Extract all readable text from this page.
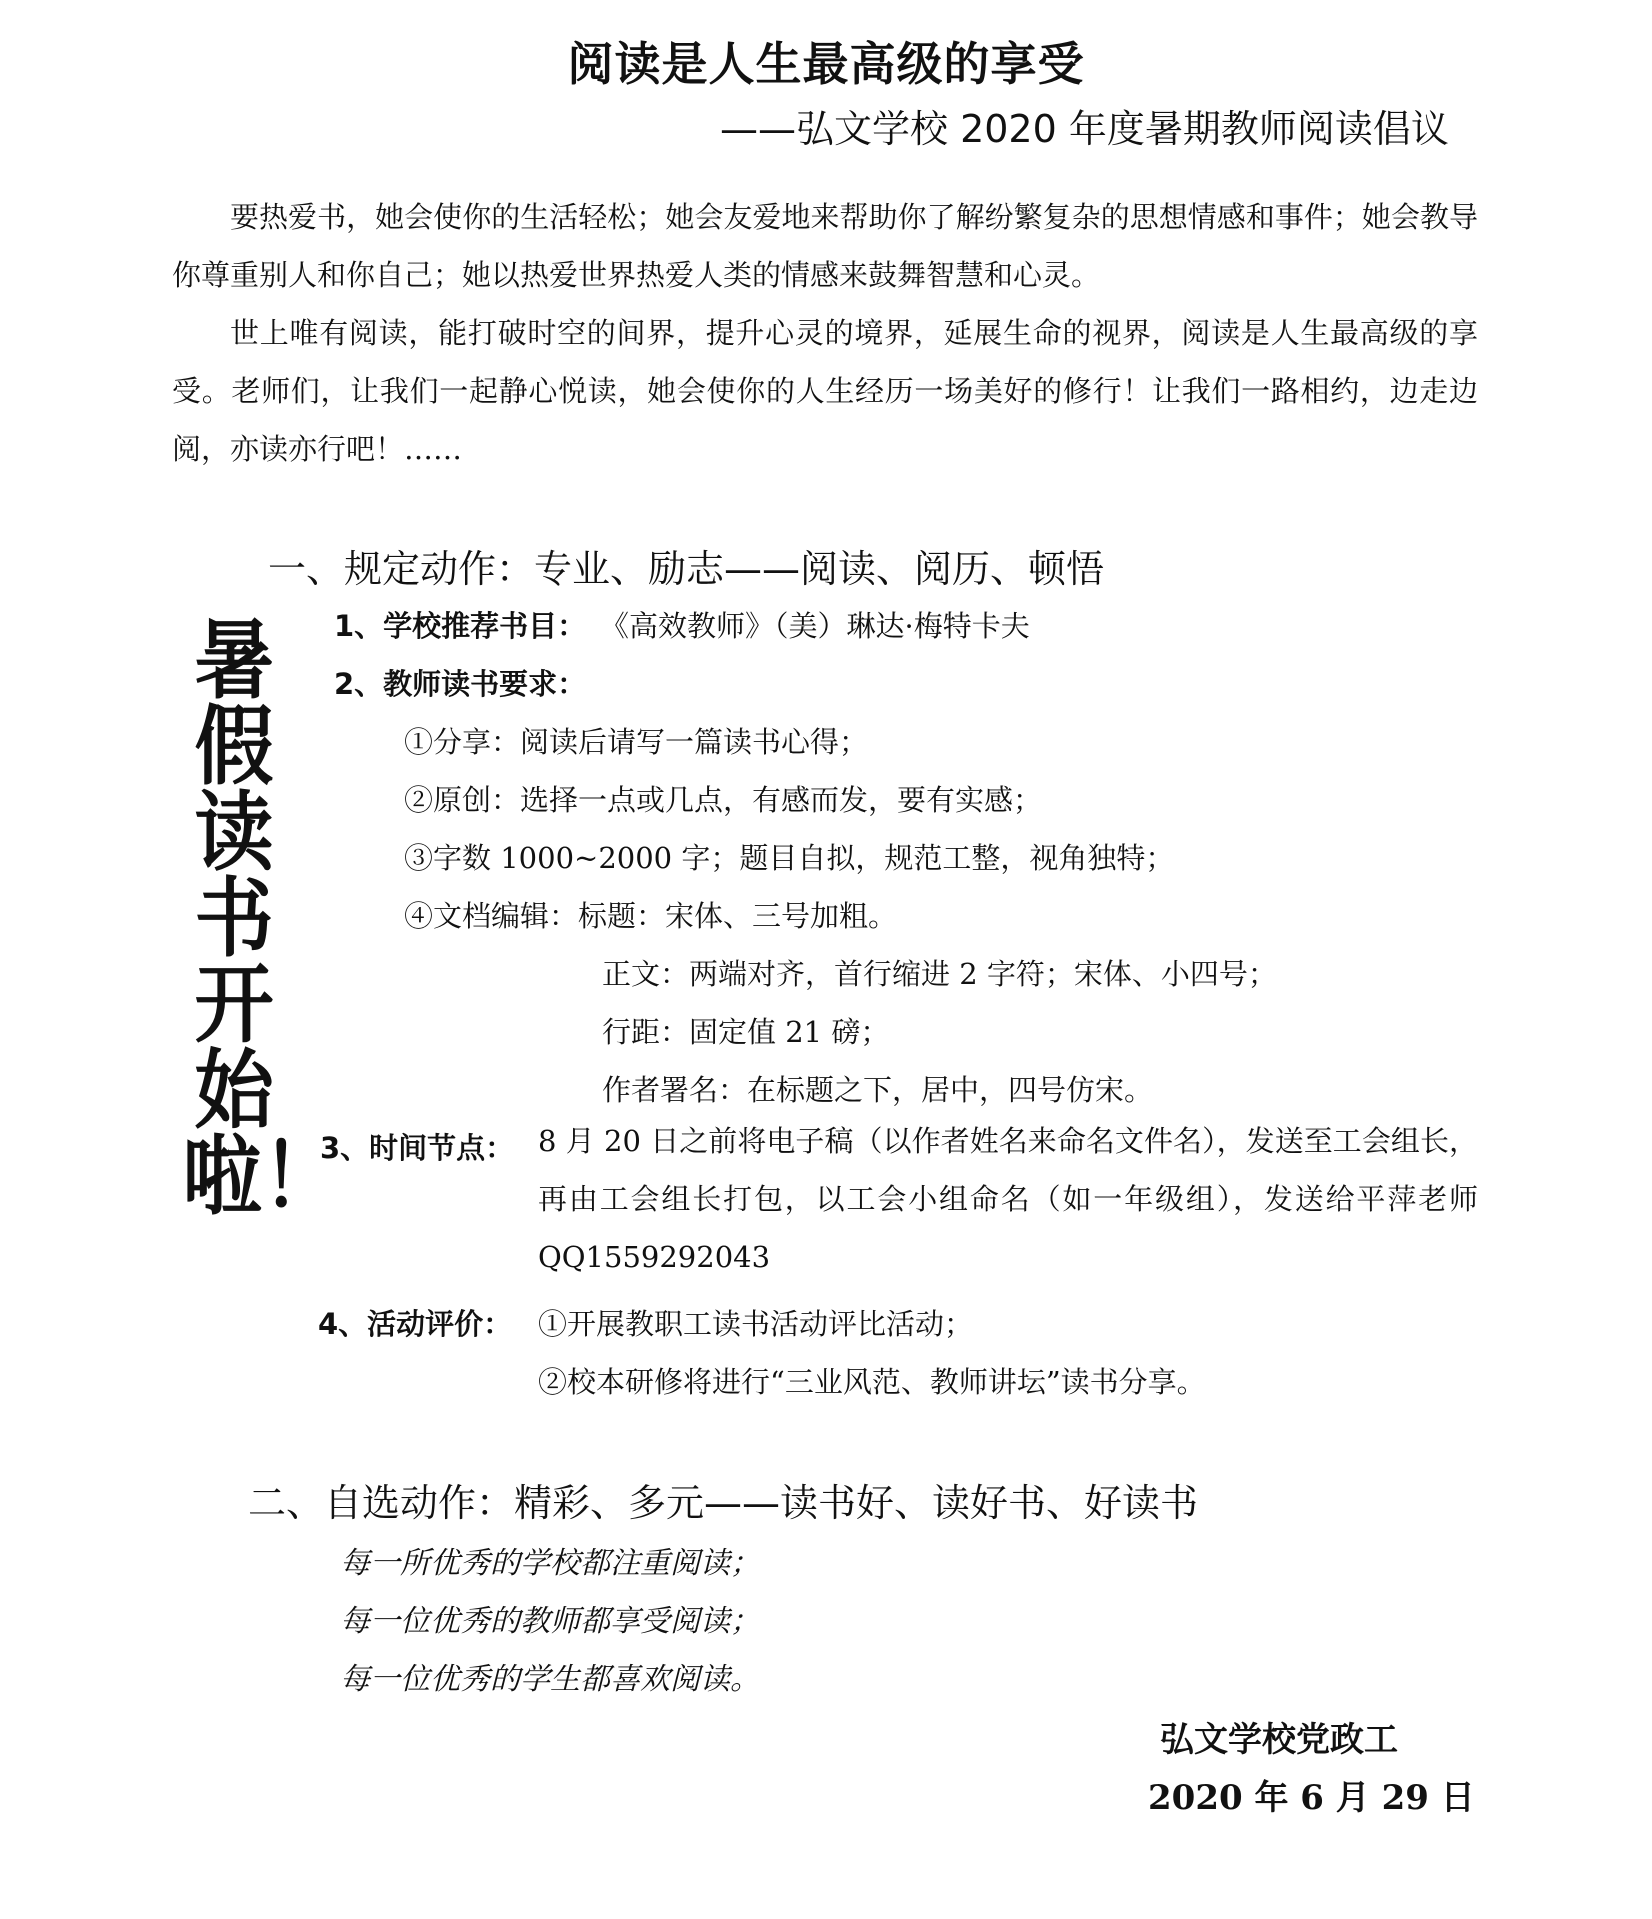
阅读是人生最高级的享受
——弘文学校 2020 年度暑期教师阅读倡议

要热爱书，她会使你的生活轻松；她会友爱地来帮助你了解纷繁复杂的思想情感和事件；她会教导你尊重别人和你自己；她以热爱世界热爱人类的情感来鼓舞智慧和心灵。

世上唯有阅读，能打破时空的间界，提升心灵的境界，延展生命的视界，阅读是人生最高级的享受。老师们，让我们一起静心悦读，她会使你的人生经历一场美好的修行！让我们一路相约，边走边阅，亦读亦行吧！……

暑假读书开始啦！
一、规定动作：专业、励志——阅读、阅历、顿悟
1、学校推荐书目： 《高效教师》（美）琳达·梅特卡夫
2、教师读书要求：
①分享：阅读后请写一篇读书心得；
②原创：选择一点或几点，有感而发，要有实感；
③字数 1000~2000 字；题目自拟，规范工整，视角独特；
④文档编辑：标题：宋体、三号加粗。
正文：两端对齐，首行缩进 2 字符；宋体、小四号；
行距：固定值 21 磅；
作者署名：在标题之下，居中，四号仿宋。
3、时间节点： 8 月 20 日之前将电子稿（以作者姓名来命名文件名），发送至工会组长，再由工会组长打包，以工会小组命名（如一年级组），发送给平萍老师 QQ1559292043
4、活动评价： ①开展教职工读书活动评比活动；
②校本研修将进行“三业风范、教师讲坛”读书分享。
二、自选动作：精彩、多元——读书好、读好书、好读书
每一所优秀的学校都注重阅读；
每一位优秀的教师都享受阅读；
每一位优秀的学生都喜欢阅读。
弘文学校党政工
2020 年 6 月 29 日
